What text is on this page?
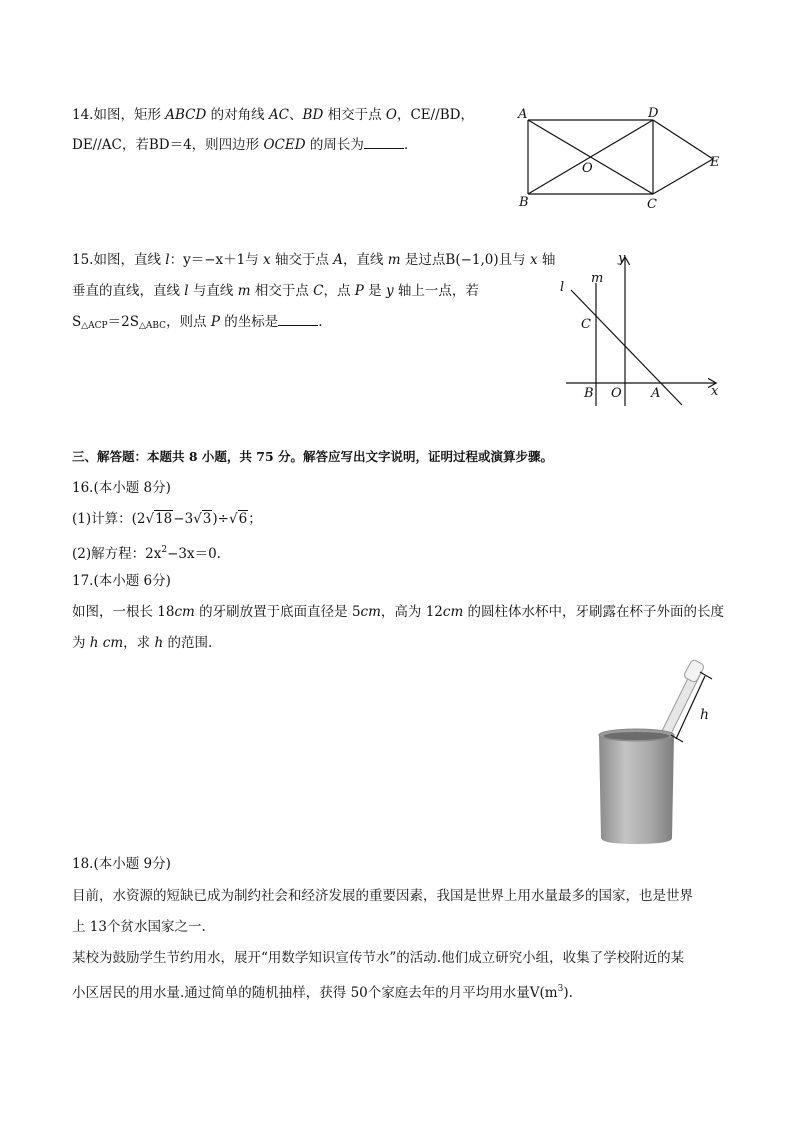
14.如图，矩形 ABCD 的对角线 AC、BD 相交于点 O，CE//BD，
DE//AC，若BD＝4，则四边形 OCED 的周长为	.
A	D
E
O
B	C
15.如图，直线 l：y＝−x＋1与 x 轴交于点 A，直线 m 是过点B(−1,0)且与 x 轴
垂直的直线，直线 l 与直线 m 相交于点 C，点 P 是 y 轴上一点，若
$S_{\triangle ACP}=2S_{\triangle ABC}$，则点 P 的坐标是	.
y
x
l
m
C
B O A
三、解答题：本题共 8 小题，共 75 分。解答应写出文字说明，证明过程或演算步骤。
16.(本小题 8分)
(1)计算：(2√18−3√3)÷√6；
(2)解方程：$2x^2-3x=0$.
17.(本小题 6分)
如图，一根长 18cm 的牙刷放置于底面直径是 5cm，高为 12cm 的圆柱体水杯中，牙刷露在杯子外面的长度
为 h cm，求 h 的范围.
h
18.(本小题 9分)
目前，水资源的短缺已成为制约社会和经济发展的重要因素，我国是世界上用水量最多的国家，也是世界
上 13个贫水国家之一.
某校为鼓励学生节约用水，展开“用数学知识宣传节水”的活动.他们成立研究小组，收集了学校附近的某
小区居民的用水量.通过简单的随机抽样，获得 50个家庭去年的月平均用水量$V(m^3)$.
